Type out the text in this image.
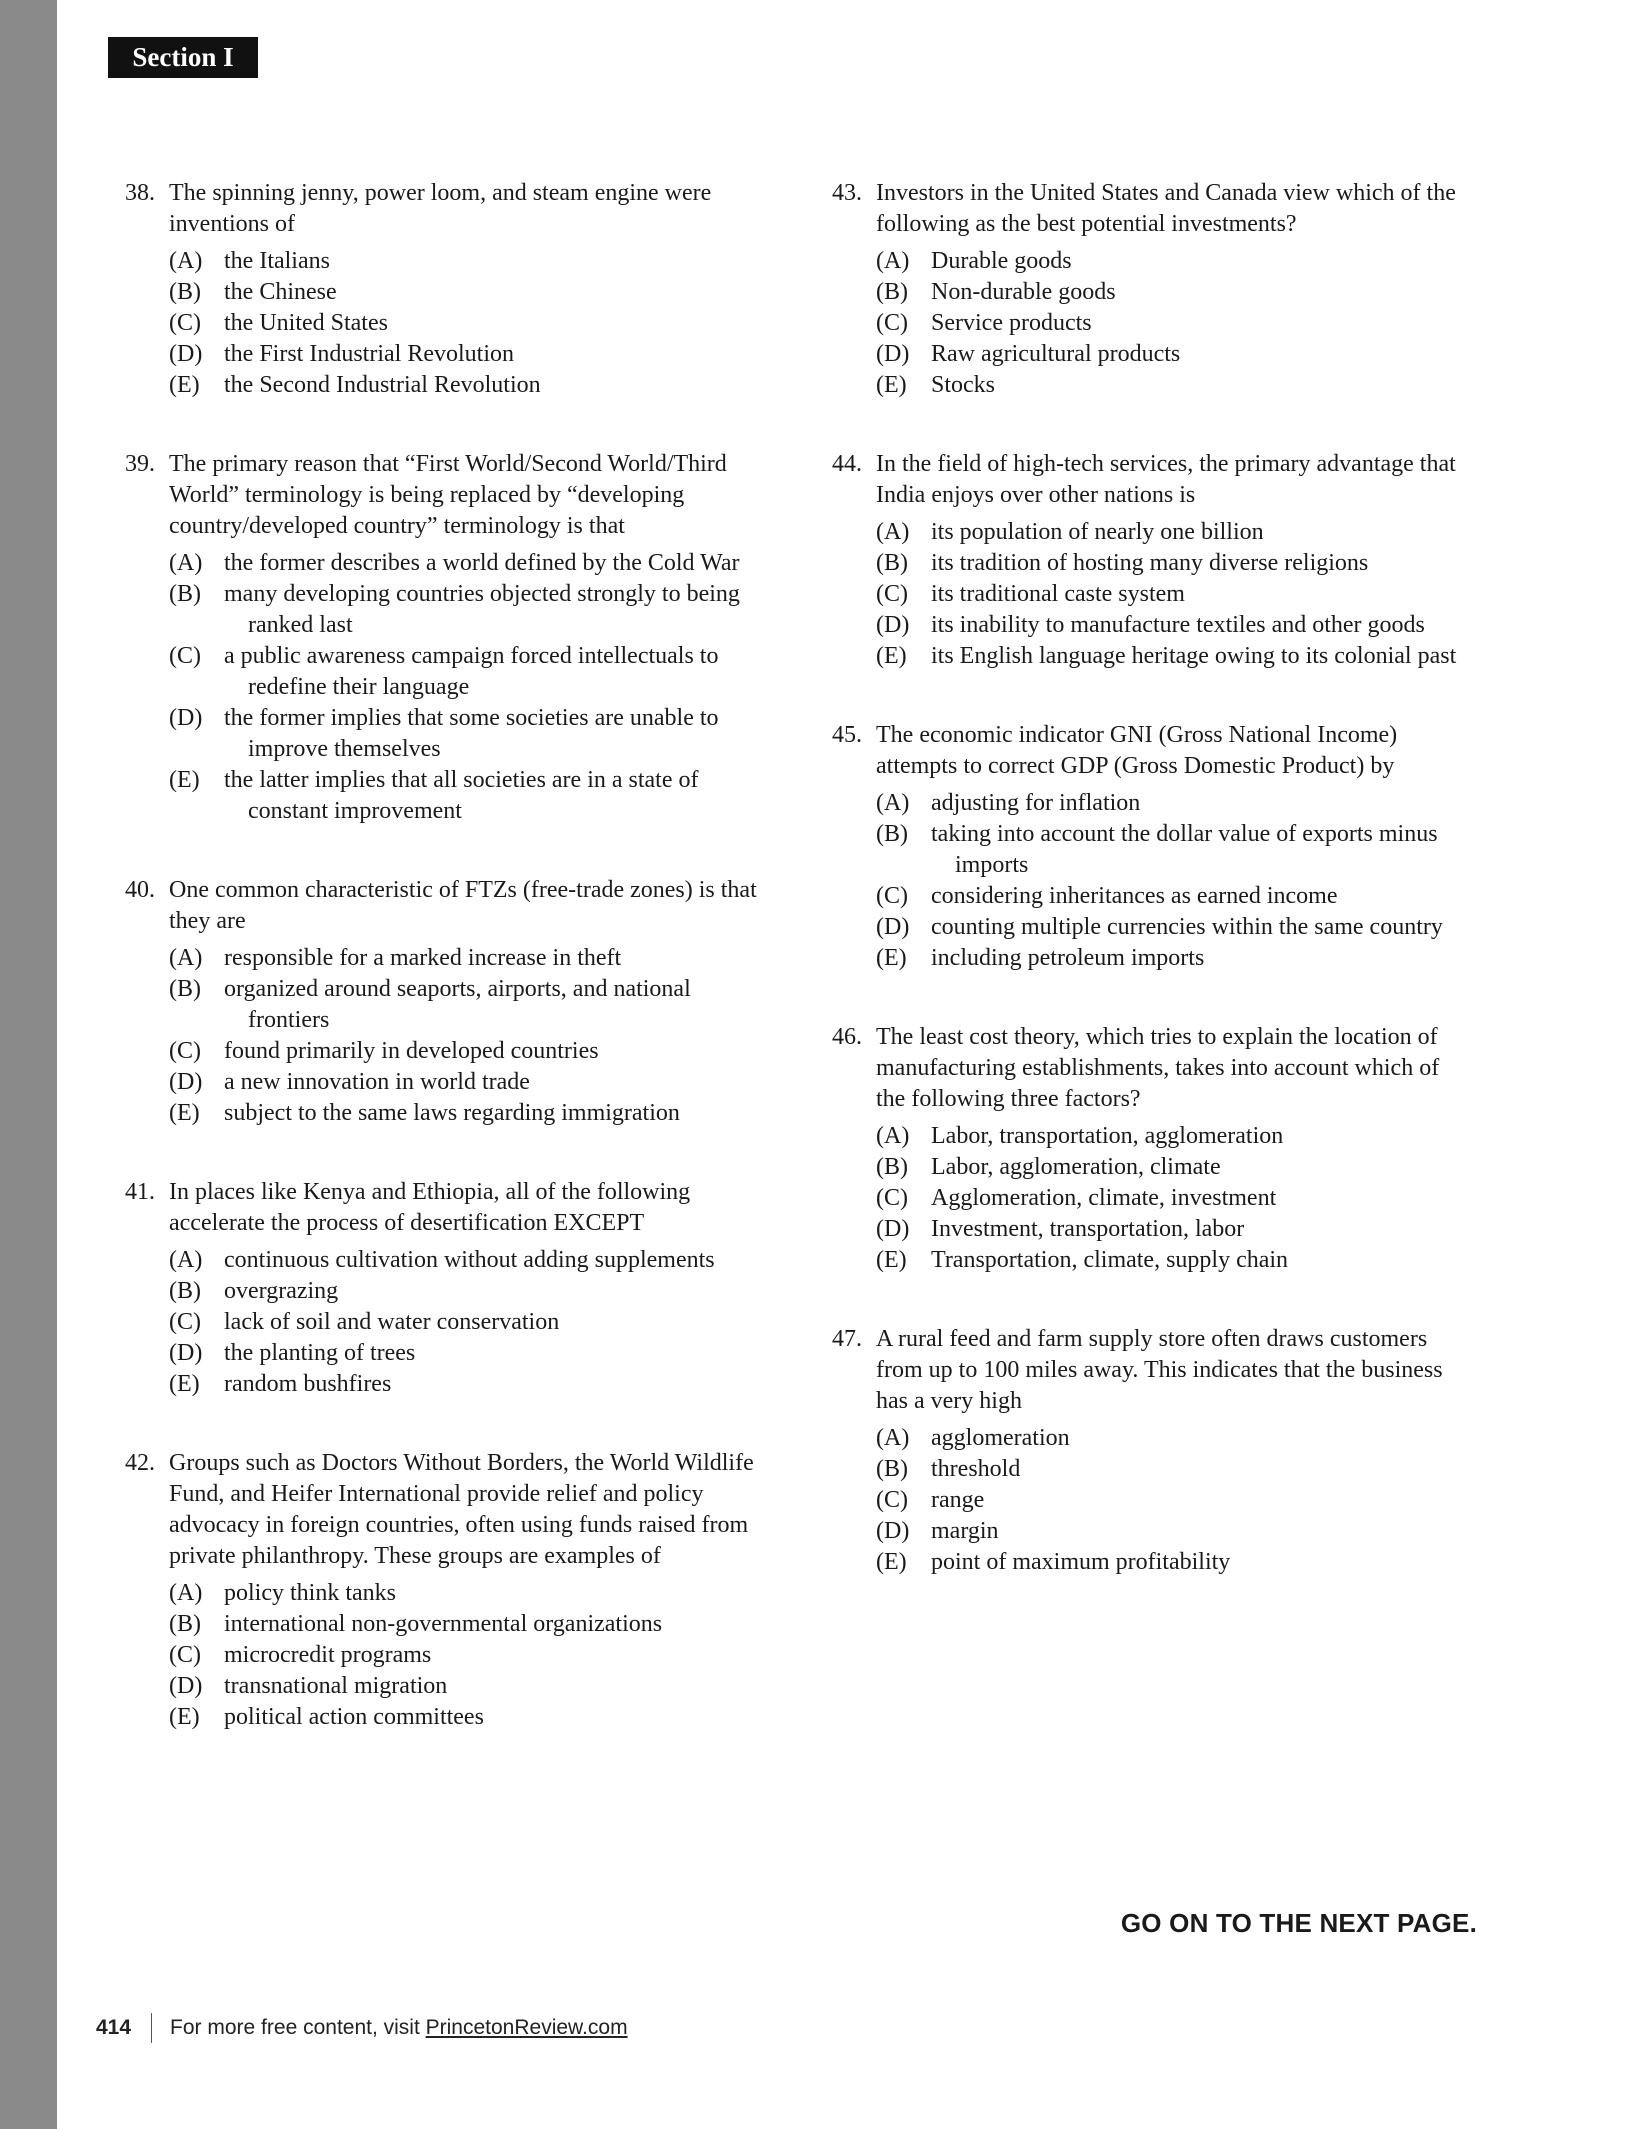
Section I
38. The spinning jenny, power loom, and steam engine were inventions of
(A) the Italians
(B) the Chinese
(C) the United States
(D) the First Industrial Revolution
(E)	the Second Industrial Revolution
39. The primary reason that “First World/Second World/Third World” terminology is being replaced by “developing country/developed country” terminology is that
(A) the former describes a world defined by the Cold War
(B) many developing countries objected strongly to being ranked last
(C) a public awareness campaign forced intellectuals to redefine their language
(D) the former implies that some societies are unable to improve themselves
(E)	the latter implies that all societies are in a state of constant improvement
40. One common characteristic of FTZs (free-trade zones) is that they are
(A) responsible for a marked increase in theft
(B) organized around seaports, airports, and national frontiers
(C) found primarily in developed countries
(D) a new innovation in world trade
(E)	subject to the same laws regarding immigration
41. In places like Kenya and Ethiopia, all of the following accelerate the process of desertification EXCEPT
(A) continuous cultivation without adding supplements
(B) overgrazing
(C) lack of soil and water conservation
(D) the planting of trees
(E)	random bushfires
42. Groups such as Doctors Without Borders, the World Wildlife Fund, and Heifer International provide relief and policy advocacy in foreign countries, often using funds raised from private philanthropy. These groups are examples of
(A) policy think tanks
(B) international non-governmental organizations
(C) microcredit programs
(D) transnational migration
(E)	political action committees
43. Investors in the United States and Canada view which of the following as the best potential investments?
(A) Durable goods
(B) Non-durable goods
(C) Service products
(D) Raw agricultural products
(E)	Stocks
44. In the field of high-tech services, the primary advantage that India enjoys over other nations is
(A) its population of nearly one billion
(B) its tradition of hosting many diverse religions
(C) its traditional caste system
(D) its inability to manufacture textiles and other goods
(E)	its English language heritage owing to its colonial past
45. The economic indicator GNI (Gross National Income) attempts to correct GDP (Gross Domestic Product) by
(A) adjusting for inflation
(B) taking into account the dollar value of exports minus imports
(C) considering inheritances as earned income
(D) counting multiple currencies within the same country
(E)	including petroleum imports
46. The least cost theory, which tries to explain the location of manufacturing establishments, takes into account which of the following three factors?
(A) Labor, transportation, agglomeration
(B) Labor, agglomeration, climate
(C) Agglomeration, climate, investment
(D) Investment, transportation, labor
(E)	Transportation, climate, supply chain
47. A rural feed and farm supply store often draws customers from up to 100 miles away. This indicates that the business has a very high
(A) agglomeration
(B) threshold
(C) range
(D) margin
(E)	point of maximum profitability
GO ON TO THE NEXT PAGE.
414 For more free content, visit PrincetonReview.com
